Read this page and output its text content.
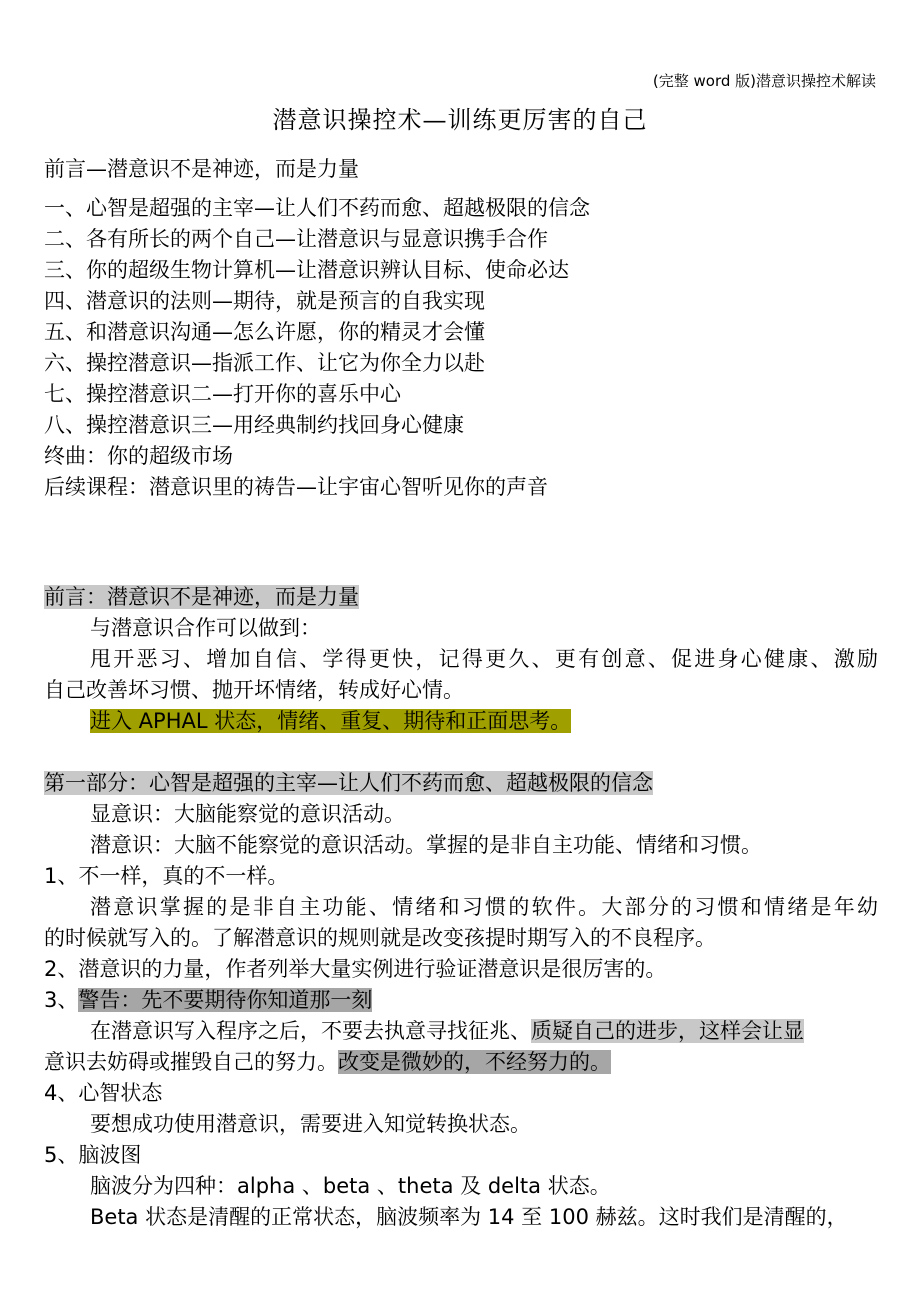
(完整 word 版)潜意识操控术解读
潜意识操控术—训练更厉害的自己
前言—潜意识不是神迹，而是力量
一、心智是超强的主宰—让人们不药而愈、超越极限的信念
二、各有所长的两个自己—让潜意识与显意识携手合作
三、你的超级生物计算机—让潜意识辨认目标、使命必达
四、潜意识的法则—期待，就是预言的自我实现
五、和潜意识沟通—怎么许愿，你的精灵才会懂
六、操控潜意识—指派工作、让它为你全力以赴
七、操控潜意识二—打开你的喜乐中心
八、操控潜意识三—用经典制约找回身心健康
终曲：你的超级市场
后续课程：潜意识里的祷告—让宇宙心智听见你的声音
前言：潜意识不是神迹，而是力量
与潜意识合作可以做到：
甩开恶习、增加自信、学得更快，记得更久、更有创意、促进身心健康、激励
自己改善坏习惯、抛开坏情绪，转成好心情。
进入 APHAL 状态，情绪、重复、期待和正面思考。
第一部分：心智是超强的主宰—让人们不药而愈、超越极限的信念
显意识：大脑能察觉的意识活动。
潜意识：大脑不能察觉的意识活动。掌握的是非自主功能、情绪和习惯。
1、不一样，真的不一样。
潜意识掌握的是非自主功能、情绪和习惯的软件。大部分的习惯和情绪是年幼
的时候就写入的。了解潜意识的规则就是改变孩提时期写入的不良程序。
2、潜意识的力量，作者列举大量实例进行验证潜意识是很厉害的。
3、警告：先不要期待你知道那一刻
在潜意识写入程序之后，不要去执意寻找征兆、质疑自己的进步，这样会让显
意识去妨碍或摧毁自己的努力。改变是微妙的，不经努力的。
4、心智状态
要想成功使用潜意识，需要进入知觉转换状态。
5、脑波图
脑波分为四种：alpha 、beta 、theta 及 delta 状态。
Beta 状态是清醒的正常状态，脑波频率为 14 至 100 赫兹。这时我们是清醒的，
